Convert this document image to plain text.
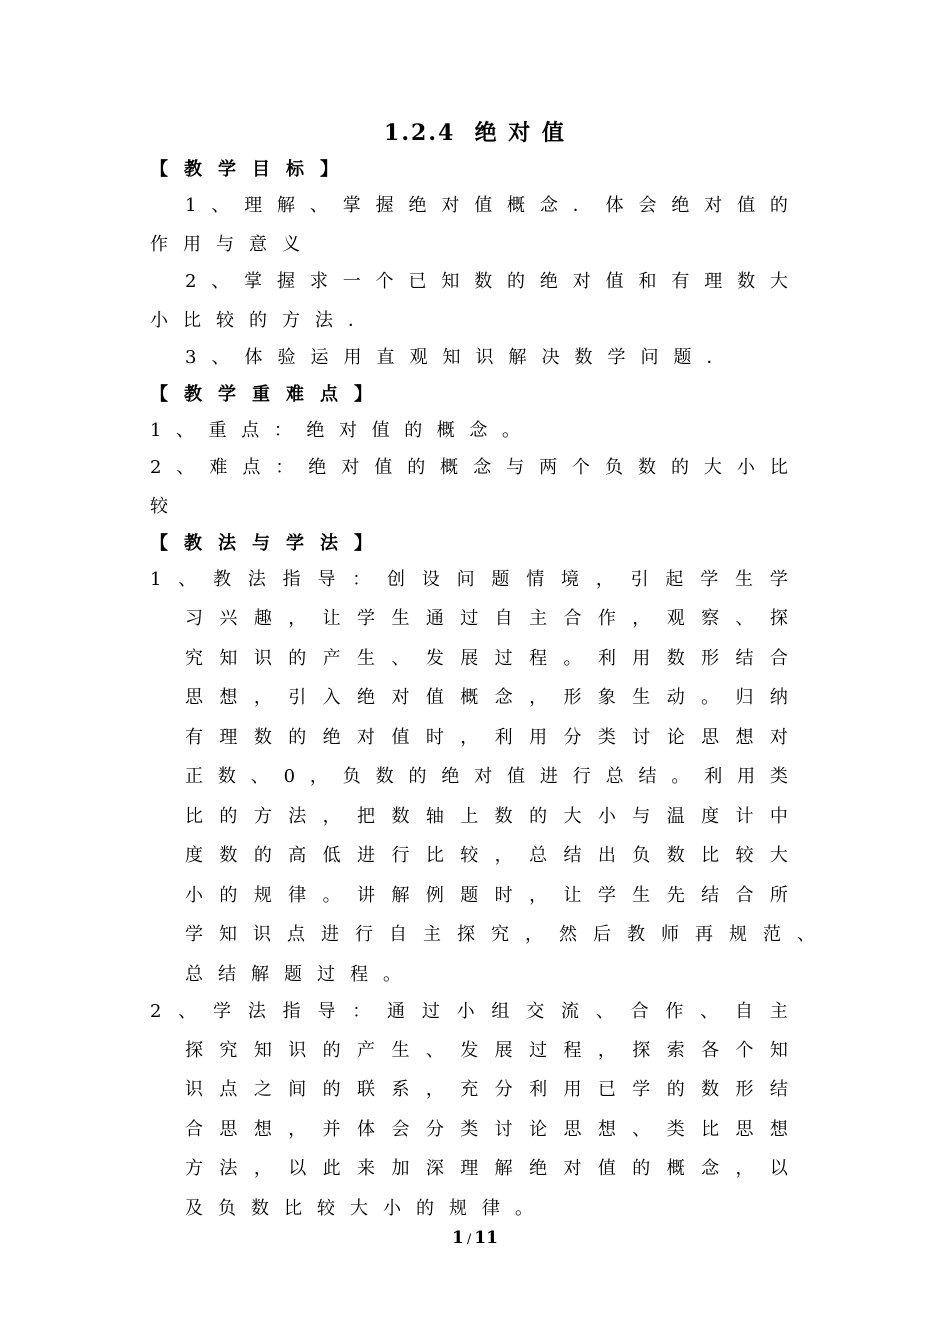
1.2.4  绝 对 值
【 教 学 目 标 】
1 、 理 解 、 掌 握 绝 对 值 概 念 ． 体 会 绝 对 值 的
作用与意义
2 、 掌 握 求 一 个 已 知 数 的 绝 对 值 和 有 理 数 大
小比较的方法．
3、体验运用直观知识解决数学问题．
【 教 学 重 难 点 】
1 、 重 点 ： 绝 对 值 的 概 念 。
2 、 难 点 ： 绝 对 值 的 概 念 与 两 个 负 数 的 大 小 比
较
【 教 法 与 学 法 】
1 、 教 法 指 导 ： 创 设 问 题 情 境 ， 引 起 学 生 学
习 兴 趣 ， 让 学 生 通 过 自 主 合 作 ， 观 察 、 探
究 知 识 的 产 生 、 发 展 过 程 。 利 用 数 形 结 合
思 想 ， 引 入 绝 对 值 概 念 ， 形 象 生 动 。 归 纳
有 理 数 的 绝 对 值 时 ， 利 用 分 类 讨 论 思 想 对
正 数 、 0 ， 负 数 的 绝 对 值 进 行 总 结 。 利 用 类
比 的 方 法 ， 把 数 轴 上 数 的 大 小 与 温 度 计 中
度 数 的 高 低 进 行 比 较 ， 总 结 出 负 数 比 较 大
小 的 规 律 。 讲 解 例 题 时 ， 让 学 生 先 结 合 所
学 知 识 点 进 行 自 主 探 究 ， 然 后 教 师 再 规 范 、
总结解题过程。
2 、 学 法 指 导 ： 通 过 小 组 交 流 、 合 作 、 自 主
探 究 知 识 的 产 生 、 发 展 过 程 ， 探 索 各 个 知
识 点 之 间 的 联 系 ， 充 分 利 用 已 学 的 数 形 结
合 思 想 ， 并 体 会 分 类 讨 论 思 想 、 类 比 思 想
方 法 ， 以 此 来 加 深 理 解 绝 对 值 的 概 念 ， 以
及负数比较大小的规律。
1 / 11
